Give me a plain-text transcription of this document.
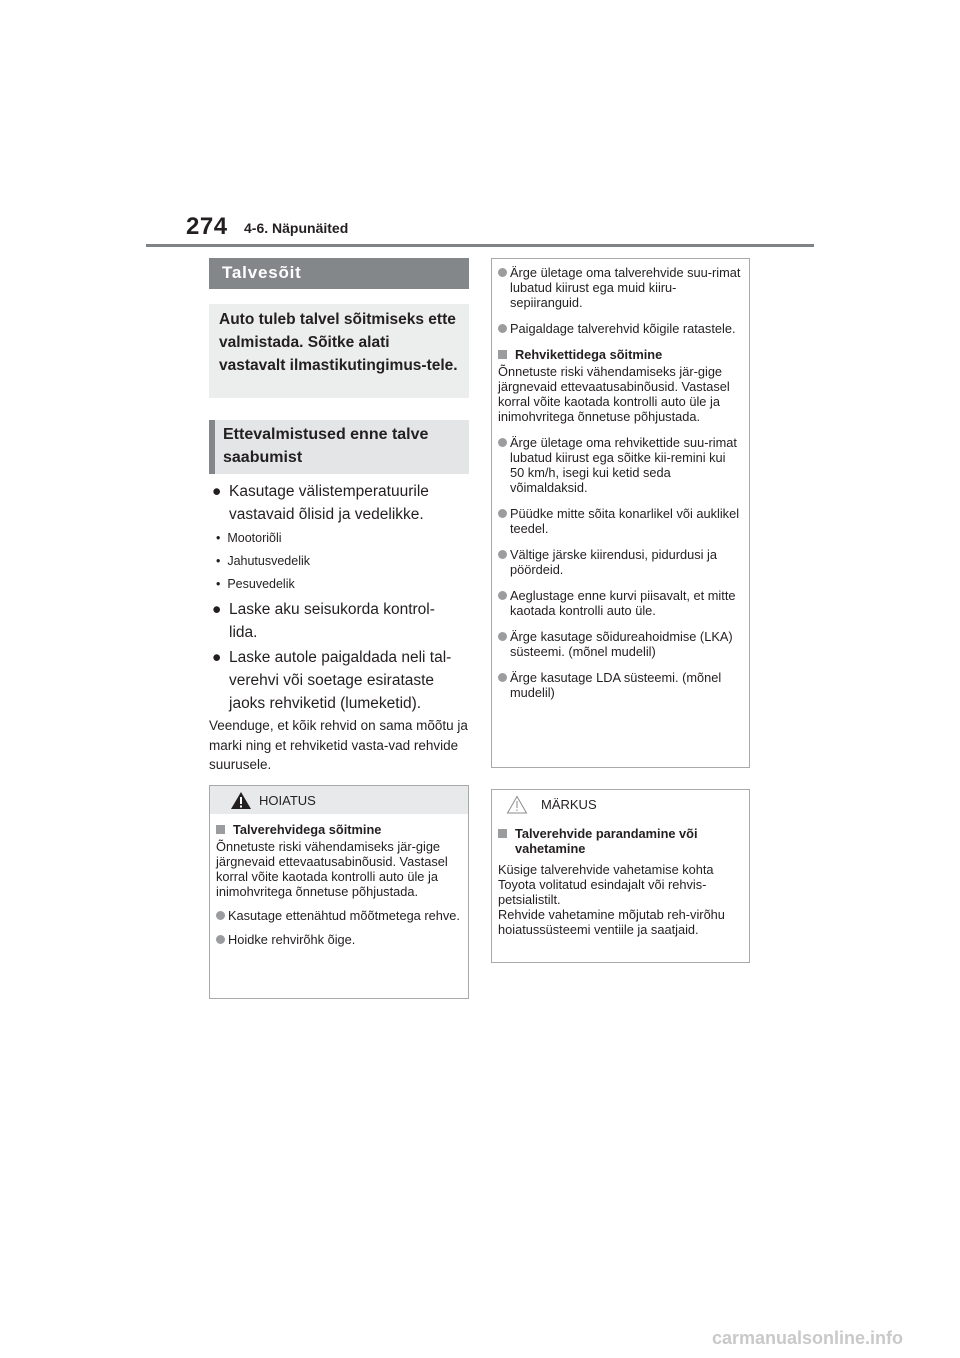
274 4-6. Näpunäited
Talvesõit
Auto tuleb talvel sõitmiseks ette valmistada. Sõitke alati vastavalt ilmastikutingimus-tele.
Ettevalmistused enne talve saabumist
● Kasutage välistemperatuurile
vastavaid õlisid ja vedelikke.
•  Mootoriõli
•  Jahutusvedelik
•  Pesuvedelik
● Laske aku seisukorda kontrol-
lida.
● Laske autole paigaldada neli tal-
verehvi või soetage esirataste
jaoks rehviketid (lumeketid).
Veenduge, et kõik rehvid on sama mõõtu ja marki ning et rehviketid vasta-vad rehvide suurusele.
HOIATUS
Talverehvidega sõitmine
Õnnetuste riski vähendamiseks jär-gige järgnevaid ettevaatusabinõusid. Vastasel korral võite kaotada kontrolli auto üle ja inimohvritega õnnetuse põhjustada.
Kasutage ettenähtud mõõtmetega rehve.
Hoidke rehvirõhk õige.
Ärge ületage oma talverehvide suu-rimat lubatud kiirust ega muid kiiru-sepiiranguid.
Paigaldage talverehvid kõigile ratastele.
Rehvikettidega sõitmine
Õnnetuste riski vähendamiseks jär-gige järgnevaid ettevaatusabinõusid. Vastasel korral võite kaotada kontrolli auto üle ja inimohvritega õnnetuse põhjustada.
Ärge ületage oma rehvikettide suu-rimat lubatud kiirust ega sõitke kii-remini kui 50 km/h, isegi kui ketid seda võimaldaksid.
Püüdke mitte sõita konarlikel või auklikel teedel.
Vältige järske kiirendusi, pidurdusi ja pöördeid.
Aeglustage enne kurvi piisavalt, et mitte kaotada kontrolli auto üle.
Ärge kasutage sõidureahoidmise (LKA) süsteemi. (mõnel mudelil)
Ärge kasutage LDA süsteemi. (mõnel mudelil)
MÄRKUS
Talverehvide parandamine või vahetamine
Küsige talverehvide vahetamise kohta Toyota volitatud esindajalt või rehvis-petsialistilt.
Rehvide vahetamine mõjutab reh-virõhu hoiatussüsteemi ventiile ja saatjaid.
carmanualsonline.info
